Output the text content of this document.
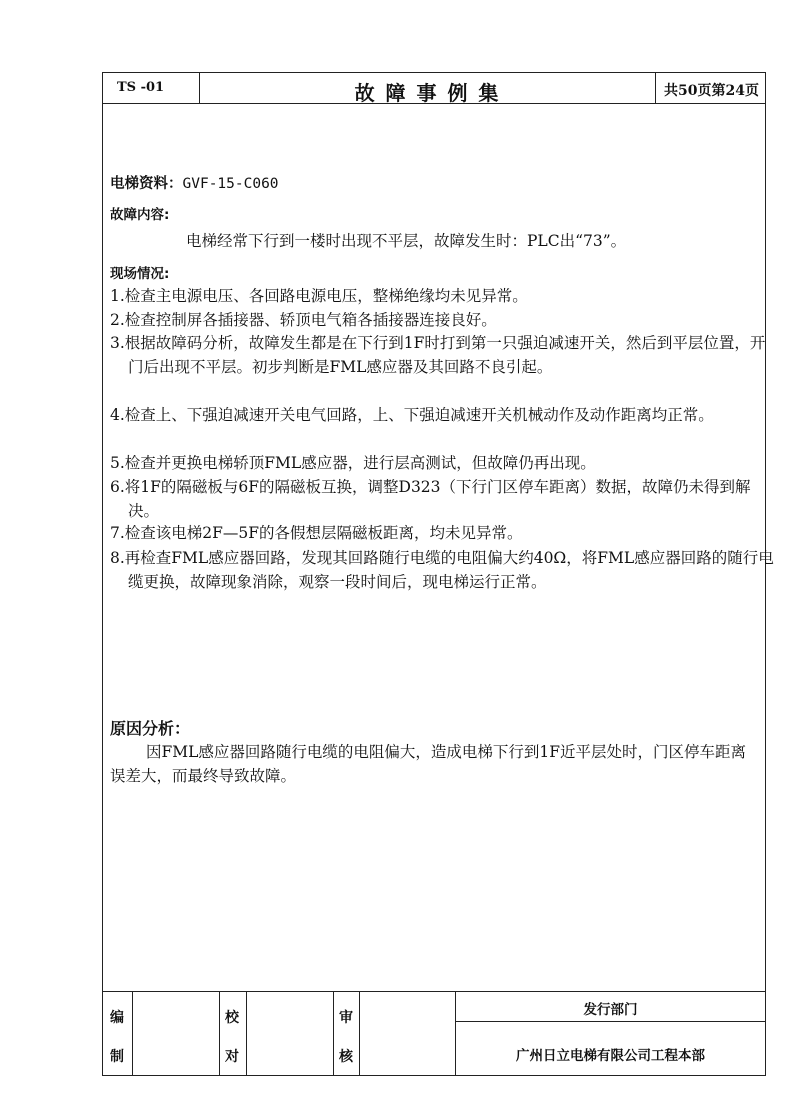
TS -01	故 障 事 例 集	共50页第24页
电梯资料：GVF-15-C060
故障内容:
电梯经常下行到一楼时出现不平层，故障发生时：PLC出“73”。
现场情况:
1.检查主电源电压、各回路电源电压，整梯绝缘均未见异常。
2.检查控制屏各插接器、轿顶电气箱各插接器连接良好。
3.根据故障码分析，故障发生都是在下行到1F时打到第一只强迫减速开关，然后到平层位置，开门后出现不平层。初步判断是FML感应器及其回路不良引起。
4.检查上、下强迫减速开关电气回路，上、下强迫减速开关机械动作及动作距离均正常。
5.检查并更换电梯轿顶FML感应器，进行层高测试，但故障仍再出现。
6.将1F的隔磁板与6F的隔磁板互换，调整D323（下行门区停车距离）数据，故障仍未得到解决。
7.检查该电梯2F—5F的各假想层隔磁板距离，均未见异常。
8.再检查FML感应器回路，发现其回路随行电缆的电阻偏大约40Ω，将FML感应器回路的随行电缆更换，故障现象消除，观察一段时间后，现电梯运行正常。
原因分析：
因FML感应器回路随行电缆的电阻偏大，造成电梯下行到1F近平层处时，门区停车距离误差大，而最终导致故障。
编
制
校
对
审
核
发行部门
广州日立电梯有限公司工程本部
